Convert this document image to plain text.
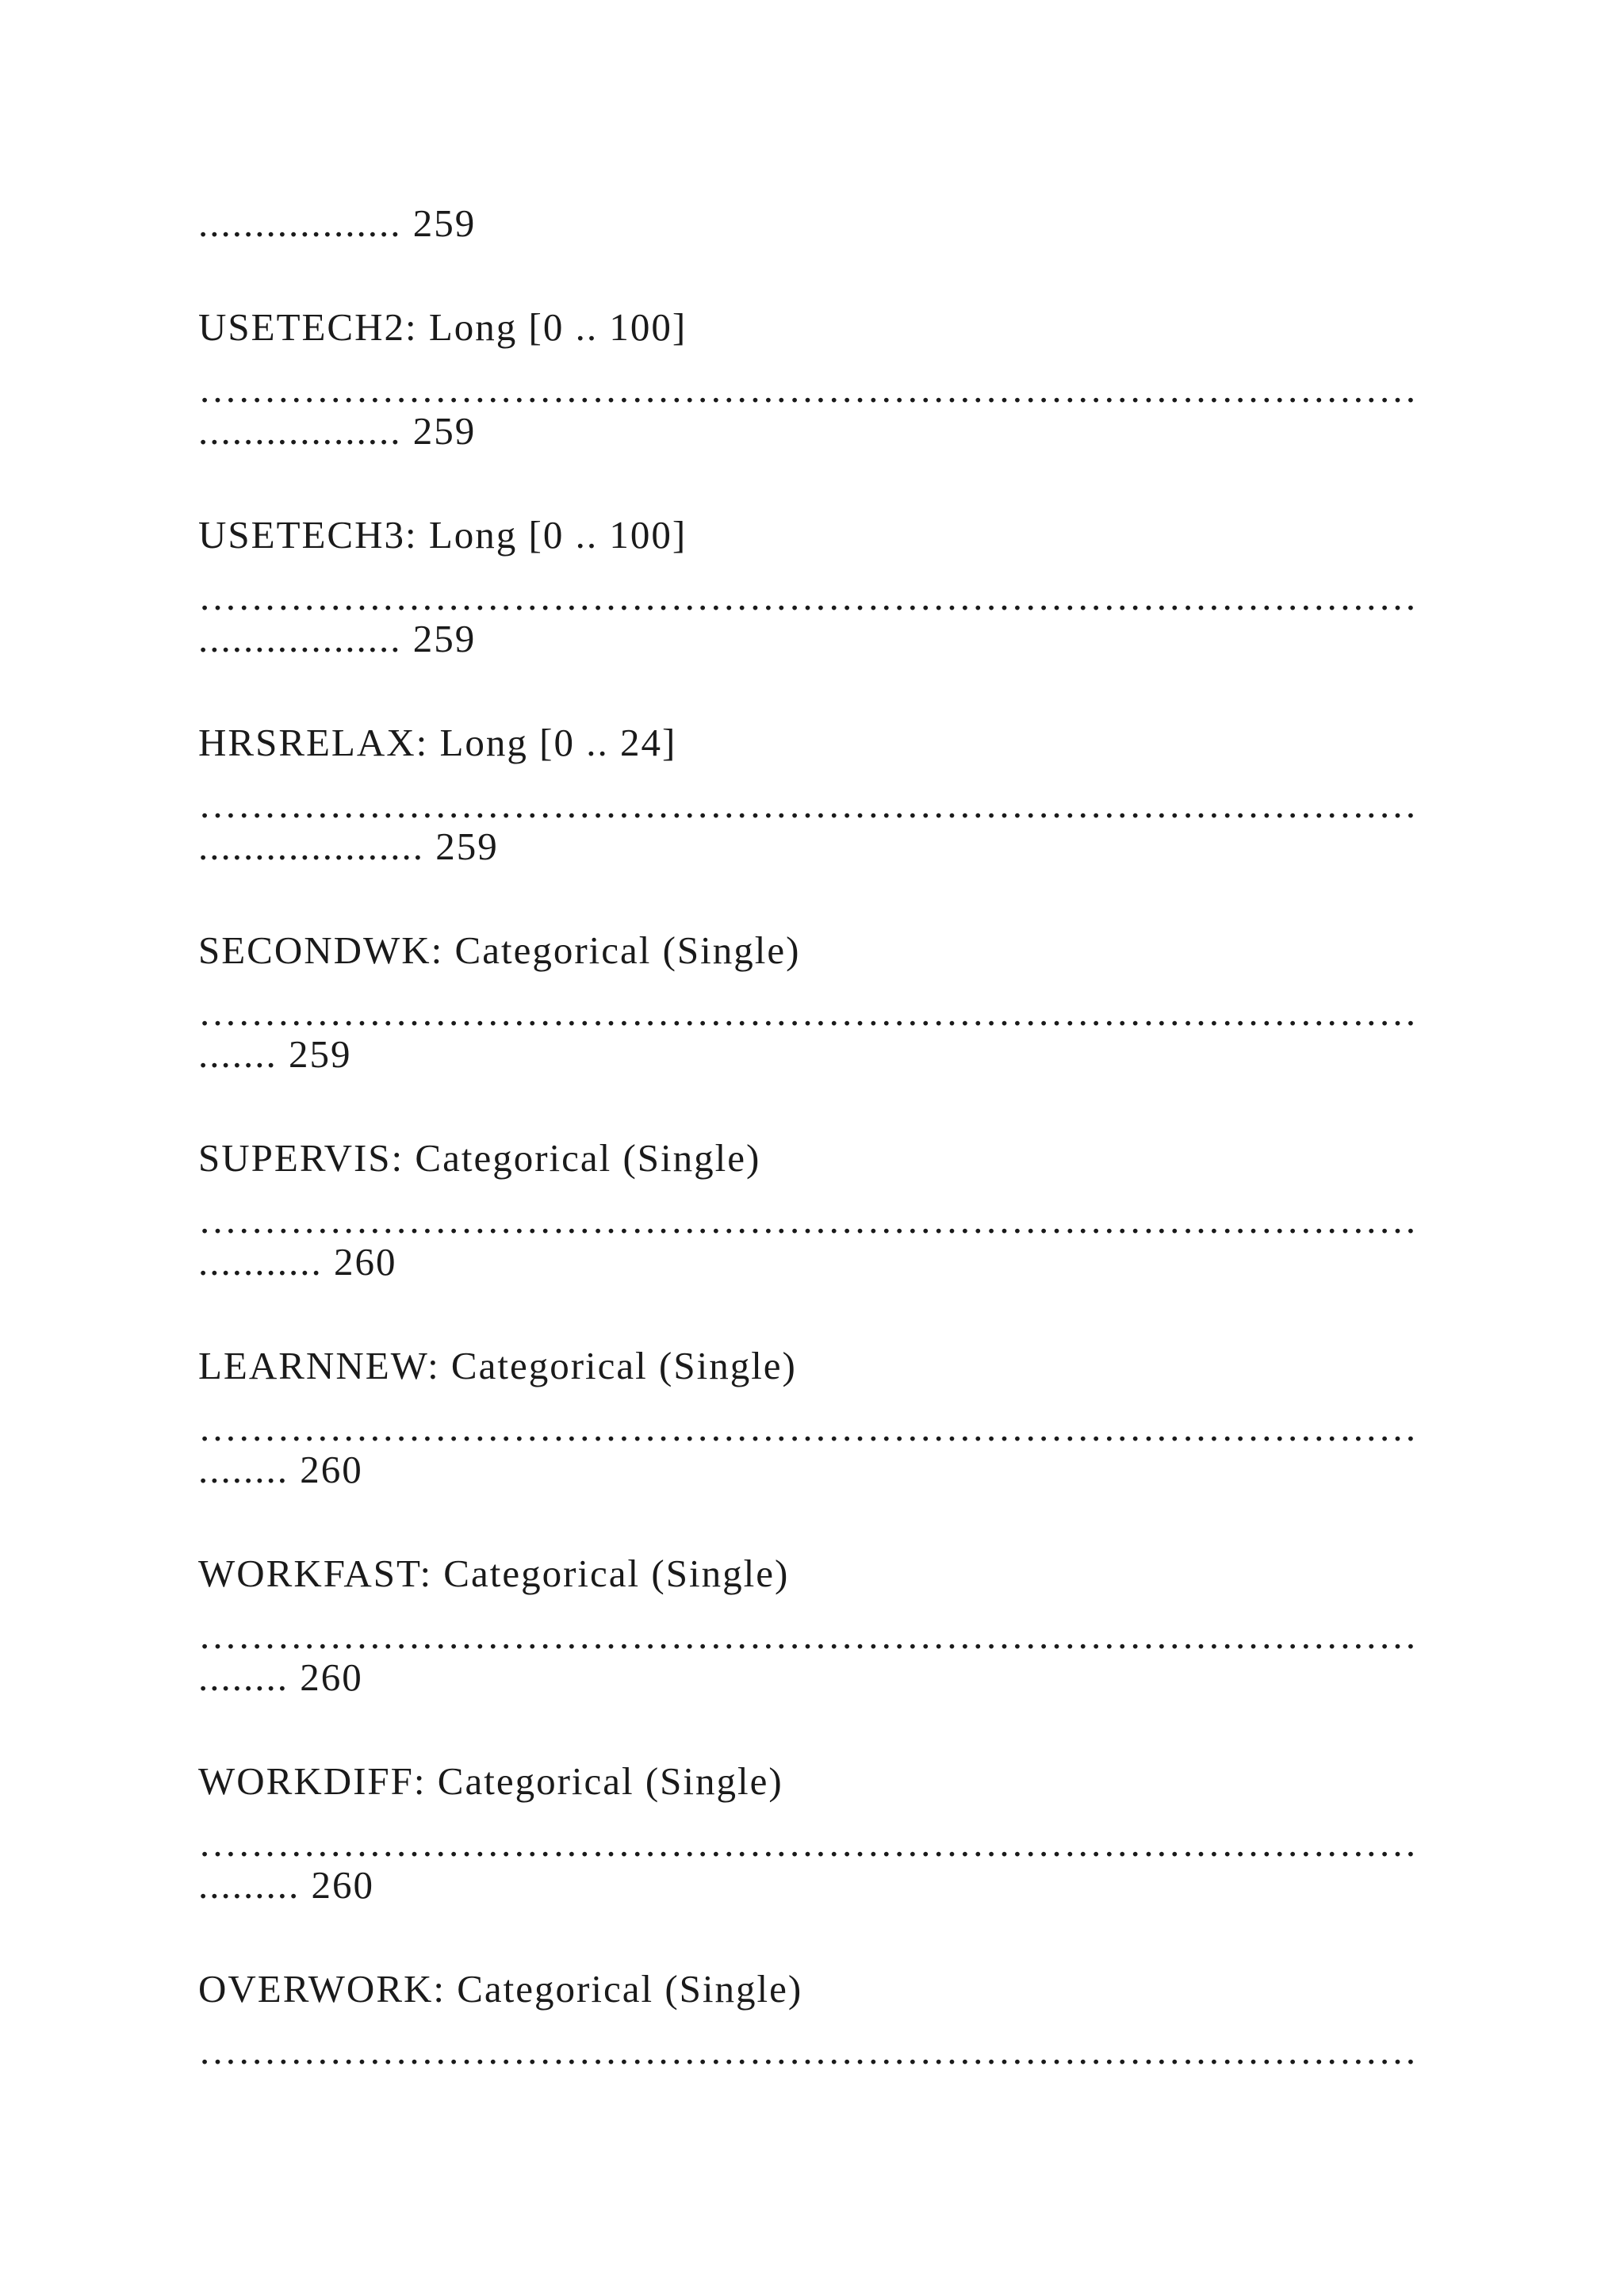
.................. 259
USETECH2: Long [0 .. 100]
…………………………………………………………………………………
.................. 259
USETECH3: Long [0 .. 100]
…………………………………………………………………………………
.................. 259
HRSRELAX: Long [0 .. 24]
…………………………………………………………………………………
.................... 259
SECONDWK: Categorical (Single)
…………………………………………………………………………………
....... 259
SUPERVIS: Categorical (Single)
…………………………………………………………………………………
........... 260
LEARNNEW: Categorical (Single)
…………………………………………………………………………………
........ 260
WORKFAST: Categorical (Single)
…………………………………………………………………………………
........ 260
WORKDIFF: Categorical (Single)
…………………………………………………………………………………
......... 260
OVERWORK: Categorical (Single)
…………………………………………………………………………………
